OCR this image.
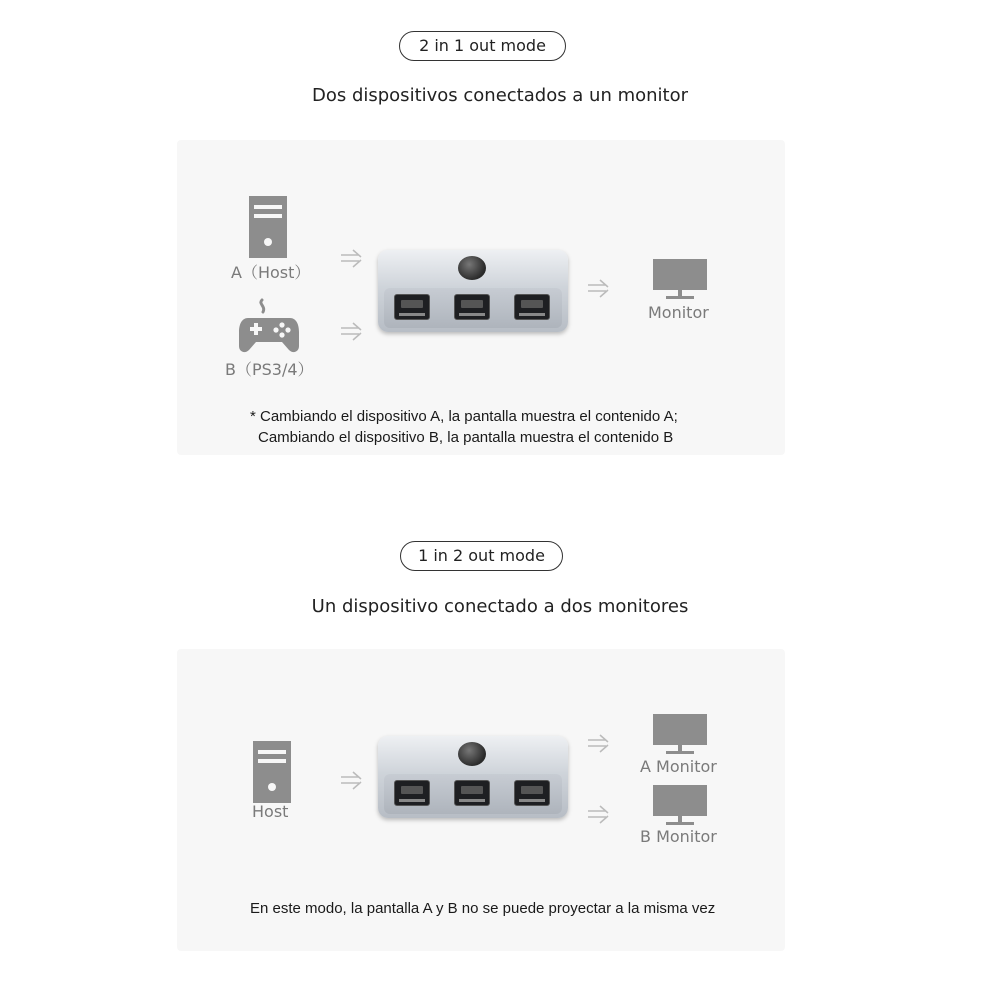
2 in 1 out mode
Dos dispositivos conectados a un monitor
A（Host）
B（PS3/4）
Monitor
* Cambiando el dispositivo A, la pantalla muestra el contenido A;
Cambiando el dispositivo B, la pantalla muestra el contenido B
1 in 2 out mode
Un dispositivo conectado a dos monitores
Host
A Monitor
B Monitor
En este modo, la pantalla A y B no se puede proyectar a la misma vez
